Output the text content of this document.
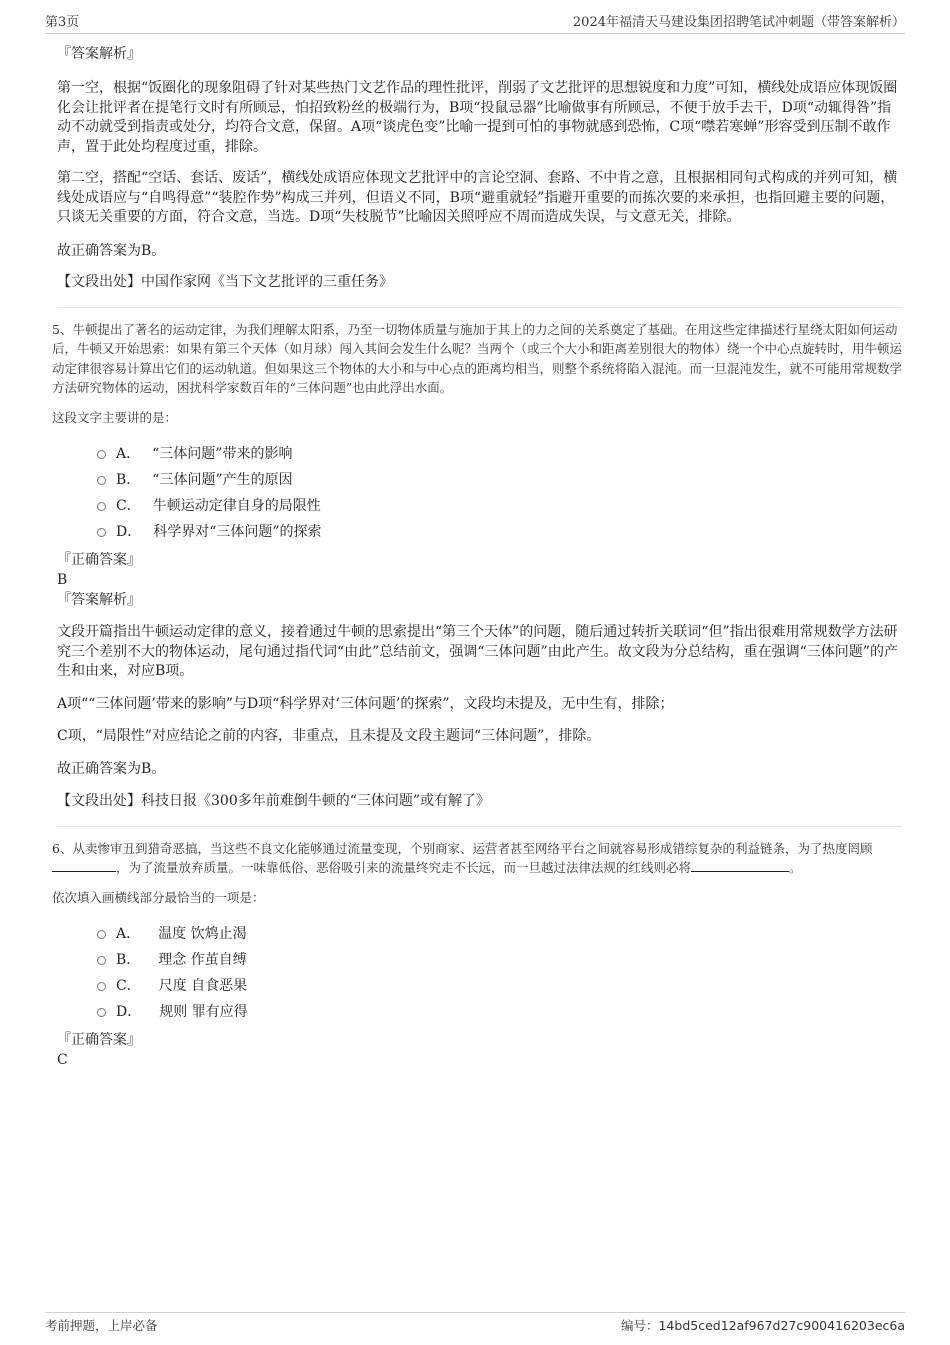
第3页	2024年福清天马建设集团招聘笔试冲刺题（带答案解析）
『答案解析』

第一空，根据“饭圈化的现象阻碍了针对某些热门文艺作品的理性批评，削弱了文艺批评的思想锐度和力度”可知，横线处成语应体现饭圈化会让批评者在提笔行文时有所顾忌，怕招致粉丝的极端行为，B项“投鼠忌器”比喻做事有所顾忌，不便于放手去干，D项“动辄得咎”指动不动就受到指责或处分，均符合文意，保留。A项“谈虎色变”比喻一提到可怕的事物就感到恐怖，C项“噤若寒蝉”形容受到压制不敢作声，置于此处均程度过重，排除。

第二空，搭配“空话、套话、废话”，横线处成语应体现文艺批评中的言论空洞、套路、不中肯之意，且根据相同句式构成的并列可知，横线处成语应与“自鸣得意”“装腔作势”构成三并列，但语义不同，B项“避重就轻”指避开重要的而拣次要的来承担，也指回避主要的问题，只谈无关重要的方面，符合文意，当选。D项“失枝脱节”比喻因关照呼应不周而造成失误，与文意无关，排除。

故正确答案为B。

【文段出处】中国作家网《当下文艺批评的三重任务》

5、牛顿提出了著名的运动定律，为我们理解太阳系，乃至一切物体质量与施加于其上的力之间的关系奠定了基础。在用这些定律描述行星绕太阳如何运动后，牛顿又开始思索：如果有第三个天体（如月球）闯入其间会发生什么呢？当两个（或三个大小和距离差别很大的物体）绕一个中心点旋转时，用牛顿运动定律很容易计算出它们的运动轨道。但如果这三个物体的大小和与中心点的距离均相当，则整个系统将陷入混沌。而一旦混沌发生，就不可能用常规数学方法研究物体的运动，困扰科学家数百年的“三体问题”也由此浮出水面。

这段文字主要讲的是：

A． “三体问题”带来的影响
B． “三体问题”产生的原因
C． 牛顿运动定律自身的局限性
D． 科学界对“三体问题”的探索
『正确答案』
B
『答案解析』

文段开篇指出牛顿运动定律的意义，接着通过牛顿的思索提出“第三个天体”的问题，随后通过转折关联词“但”指出很难用常规数学方法研究三个差别不大的物体运动，尾句通过指代词“由此”总结前文，强调“三体问题”由此产生。故文段为分总结构，重在强调“三体问题”的产生和由来，对应B项。

A项““三体问题’带来的影响”与D项“科学界对‘三体问题’的探索”，文段均未提及，无中生有，排除；

C项，“局限性”对应结论之前的内容，非重点，且未提及文段主题词“三体问题”，排除。

故正确答案为B。

【文段出处】科技日报《300多年前难倒牛顿的“三体问题”或有解了》

6、从卖惨审丑到猎奇恶搞，当这些不良文化能够通过流量变现，个别商家、运营者甚至网络平台之间就容易形成错综复杂的利益链条，为了热度罔顾，为了流量放弃质量。一味靠低俗、恶俗吸引来的流量终究走不长远，而一旦越过法律法规的红线则必将	。

依次填入画横线部分最恰当的一项是：

A． 温度 饮鸩止渴
B． 理念 作茧自缚
C． 尺度 自食恶果
D． 规则 罪有应得
『正确答案』
C
考前押题，上岸必备	编号：14bd5ced12af967d27c900416203ec6a
